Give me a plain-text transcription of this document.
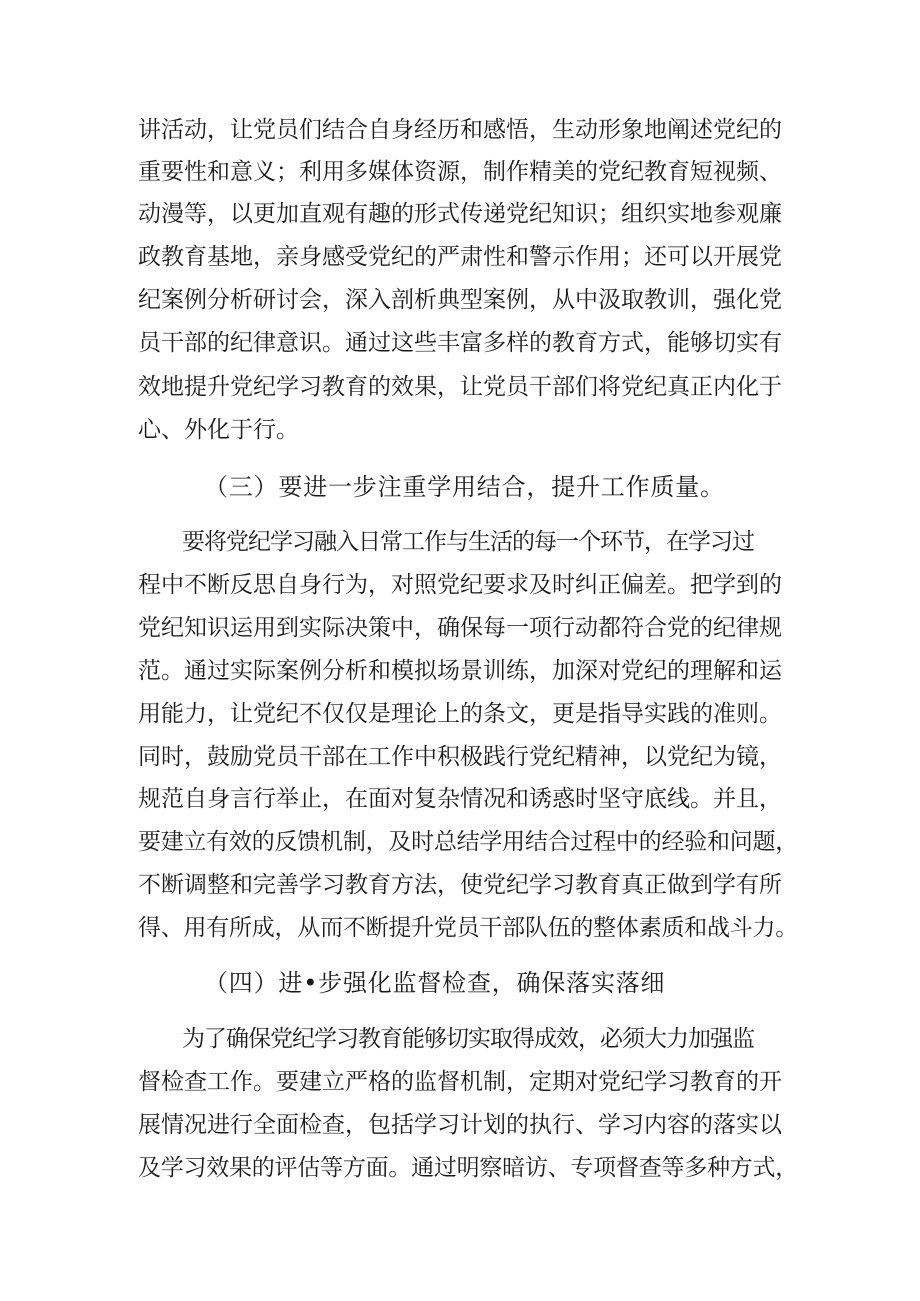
讲活动，让党员们结合自身经历和感悟，生动形象地阐述党纪的
重要性和意义；利用多媒体资源，制作精美的党纪教育短视频、
动漫等，以更加直观有趣的形式传递党纪知识；组织实地参观廉
政教育基地，亲身感受党纪的严肃性和警示作用；还可以开展党
纪案例分析研讨会，深入剖析典型案例，从中汲取教训，强化党
员干部的纪律意识。通过这些丰富多样的教育方式，能够切实有
效地提升党纪学习教育的效果，让党员干部们将党纪真正内化于
心、外化于行。
（三）要进一步注重学用结合，提升工作质量。
要将党纪学习融入日常工作与生活的每一个环节，在学习过
程中不断反思自身行为，对照党纪要求及时纠正偏差。把学到的
党纪知识运用到实际决策中，确保每一项行动都符合党的纪律规
范。通过实际案例分析和模拟场景训练，加深对党纪的理解和运
用能力，让党纪不仅仅是理论上的条文，更是指导实践的准则。
同时，鼓励党员干部在工作中积极践行党纪精神，以党纪为镜，
规范自身言行举止，在面对复杂情况和诱惑时坚守底线。并且，
要建立有效的反馈机制，及时总结学用结合过程中的经验和问题，
不断调整和完善学习教育方法，使党纪学习教育真正做到学有所
得、用有所成，从而不断提升党员干部队伍的整体素质和战斗力。
（四）进•步强化监督检查，确保落实落细
为了确保党纪学习教育能够切实取得成效，必须大力加强监
督检查工作。要建立严格的监督机制，定期对党纪学习教育的开
展情况进行全面检查，包括学习计划的执行、学习内容的落实以
及学习效果的评估等方面。通过明察暗访、专项督查等多种方式，
